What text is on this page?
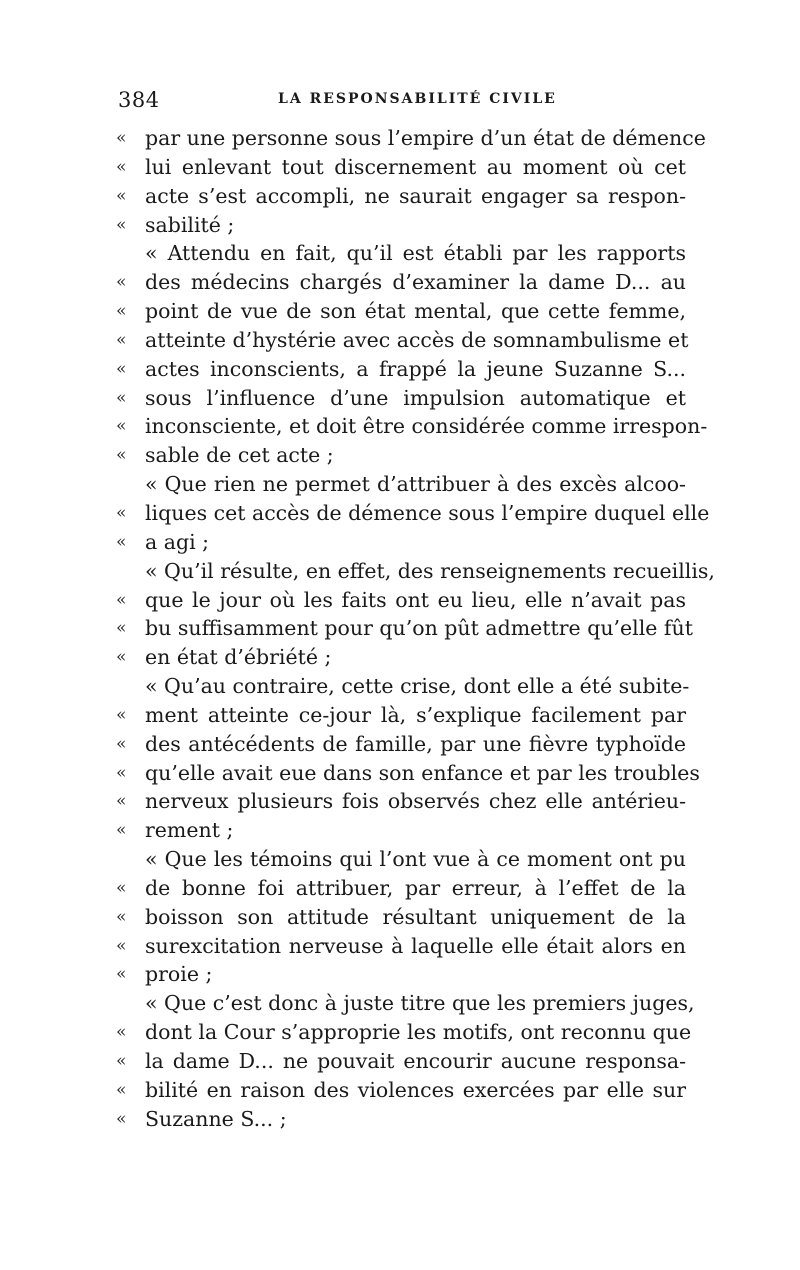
384	LA RESPONSABILITÉ CIVILE
« par une personne sous l’empire d’un état de démence
« lui enlevant tout discernement au moment où cet
« acte s’est accompli, ne saurait engager sa respon-
« sabilité ;
« Attendu en fait, qu’il est établi par les rapports
« des médecins chargés d’examiner la dame D... au
« point de vue de son état mental, que cette femme,
« atteinte d’hystérie avec accès de somnambulisme et
« actes inconscients, a frappé la jeune Suzanne S...
« sous l’influence d’une impulsion automatique et
« inconsciente, et doit être considérée comme irrespon-
« sable de cet acte ;
« Que rien ne permet d’attribuer à des excès alcoo-
« liques cet accès de démence sous l’empire duquel elle
« a agi ;
« Qu’il résulte, en effet, des renseignements recueillis,
« que le jour où les faits ont eu lieu, elle n’avait pas
« bu suffisamment pour qu’on pût admettre qu’elle fût
« en état d’ébriété ;
« Qu’au contraire, cette crise, dont elle a été subite-
« ment atteinte ce-jour là, s’explique facilement par
« des antécédents de famille, par une fièvre typhoïde
« qu’elle avait eue dans son enfance et par les troubles
« nerveux plusieurs fois observés chez elle antérieu-
« rement ;
« Que les témoins qui l’ont vue à ce moment ont pu
« de bonne foi attribuer, par erreur, à l’effet de la
« boisson son attitude résultant uniquement de la
« surexcitation nerveuse à laquelle elle était alors en
« proie ;
« Que c’est donc à juste titre que les premiers juges,
« dont la Cour s’approprie les motifs, ont reconnu que
« la dame D... ne pouvait encourir aucune responsa-
« bilité en raison des violences exercées par elle sur
« Suzanne S... ;
